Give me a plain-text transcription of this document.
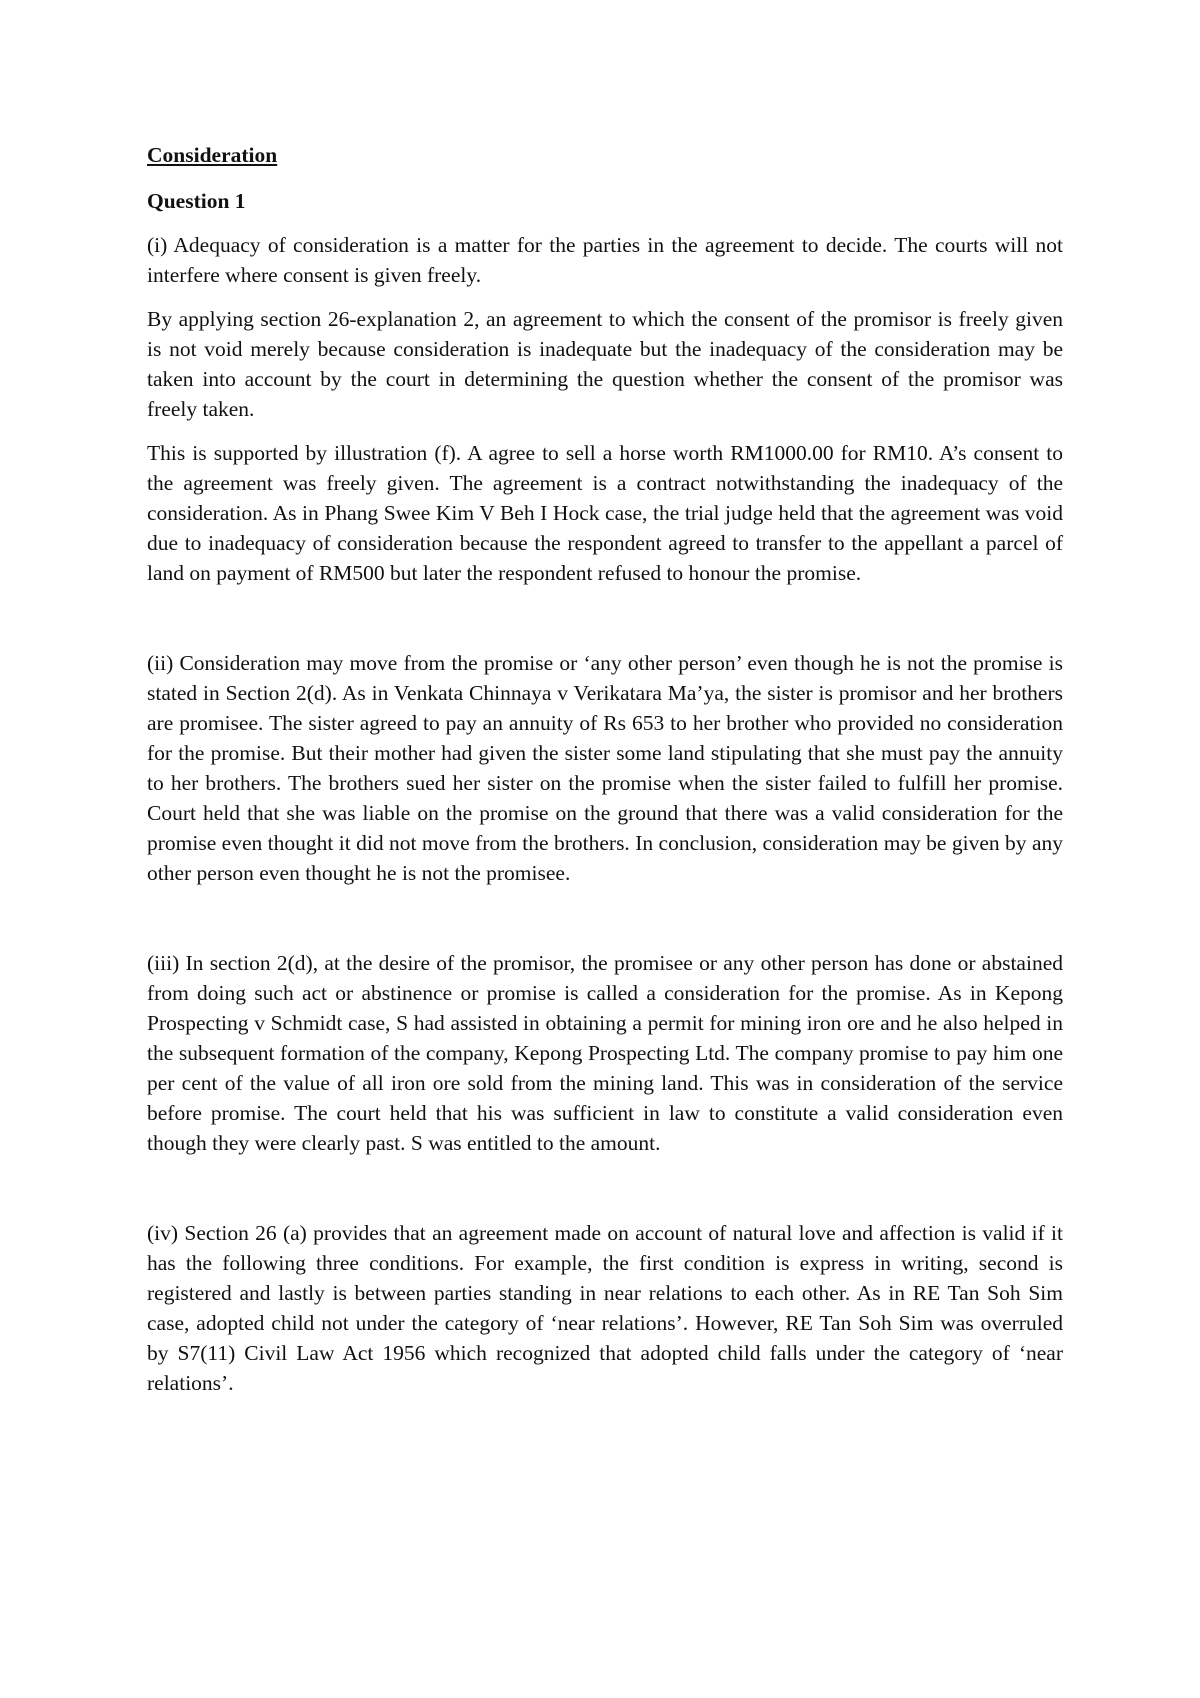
Consideration

Question 1

(i) Adequacy of consideration is a matter for the parties in the agreement to decide. The courts will not interfere where consent is given freely.

By applying section 26-explanation 2, an agreement to which the consent of the promisor is freely given is not void merely because consideration is inadequate but the inadequacy of the consideration may be taken into account by the court in determining the question whether the consent of the promisor was freely taken.

This is supported by illustration (f). A agree to sell a horse worth RM1000.00 for RM10. A’s consent to the agreement was freely given. The agreement is a contract notwithstanding the inadequacy of the consideration. As in Phang Swee Kim V Beh I Hock case, the trial judge held that the agreement was void due to inadequacy of consideration because the respondent agreed to transfer to the appellant a parcel of land on payment of RM500 but later the respondent refused to honour the promise.

(ii) Consideration may move from the promise or ‘any other person’ even though he is not the promise is stated in Section 2(d). As in Venkata Chinnaya v Verikatara Ma’ya, the sister is promisor and her brothers are promisee. The sister agreed to pay an annuity of Rs 653 to her brother who provided no consideration for the promise. But their mother had given the sister some land stipulating that she must pay the annuity to her brothers. The brothers sued her sister on the promise when the sister failed to fulfill her promise. Court held that she was liable on the promise on the ground that there was a valid consideration for the promise even thought it did not move from the brothers. In conclusion, consideration may be given by any other person even thought he is not the promisee.

(iii) In section 2(d), at the desire of the promisor, the promisee or any other person has done or abstained from doing such act or abstinence or promise is called a consideration for the promise. As in Kepong Prospecting v Schmidt case, S had assisted in obtaining a permit for mining iron ore and he also helped in the subsequent formation of the company, Kepong Prospecting Ltd. The company promise to pay him one per cent of the value of all iron ore sold from the mining land. This was in consideration of the service before promise. The court held that his was sufficient in law to constitute a valid consideration even though they were clearly past. S was entitled to the amount.

(iv) Section 26 (a) provides that an agreement made on account of natural love and affection is valid if it has the following three conditions. For example, the first condition is express in writing, second is registered and lastly is between parties standing in near relations to each other. As in RE Tan Soh Sim case, adopted child not under the category of ‘near relations’. However, RE Tan Soh Sim was overruled by S7(11) Civil Law Act 1956 which recognized that adopted child falls under the category of ‘near relations’.
